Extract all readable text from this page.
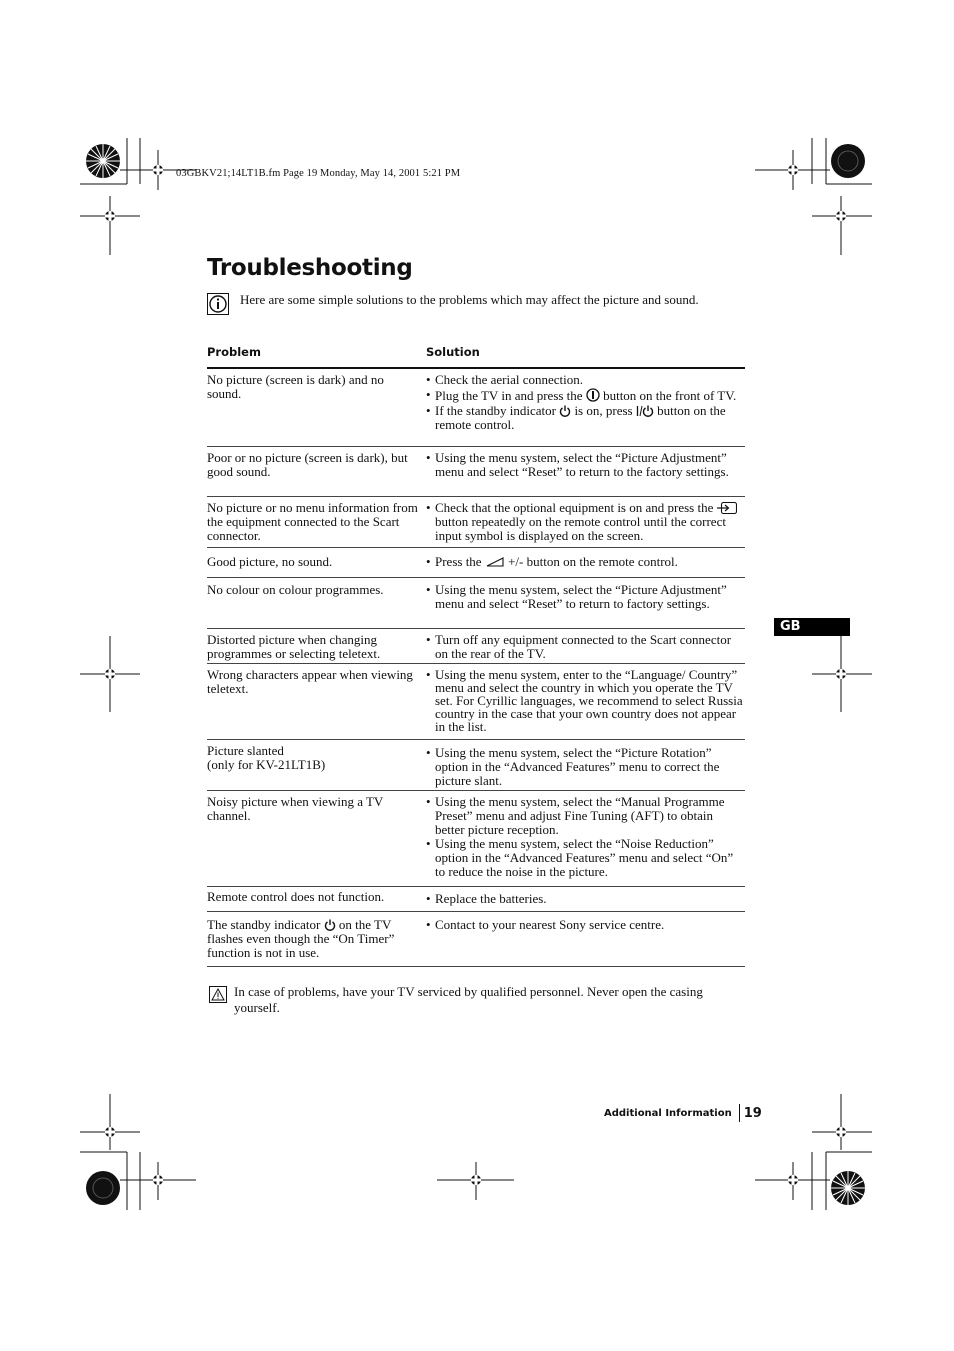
03GBKV21;14LT1B.fm Page 19 Monday, May 14, 2001 5:21 PM
Troubleshooting
Here are some simple solutions to the problems which may affect the picture and sound.
Problem	Solution
No picture (screen is dark) and no sound.
• Check the aerial connection.
• Plug the TV in and press the  button on the front of TV.
• If the standby indicator  is on, press  button on the remote control.
Poor or no picture (screen is dark), but good sound.
• Using the menu system, select the “Picture Adjustment” menu and select “Reset” to return to the factory settings.
No picture or no menu information from the equipment connected to the Scart connector.
• Check that the optional equipment is on and press the  button repeatedly on the remote control until the correct input symbol is displayed on the screen.
Good picture, no sound.	• Press the  +/- button on the remote control.
No colour on colour programmes.	• Using the menu system, select the “Picture Adjustment” menu and select “Reset” to return to factory settings.
Distorted picture when changing programmes or selecting teletext.
• Turn off any equipment connected to the Scart connector on the rear of the TV.
Wrong characters appear when viewing teletext.
• Using the menu system, enter to the “Language/ Country” menu and select the country in which you operate the TV set. For Cyrillic languages, we recommend to select Russia country in the case that your own country does not appear in the list.
Picture slanted
(only for KV-21LT1B)
• Using the menu system, select the “Picture Rotation” option in the “Advanced Features” menu to correct the picture slant.
Noisy picture when viewing a TV channel.
• Using the menu system, select the “Manual Programme Preset” menu and adjust Fine Tuning (AFT) to obtain better picture reception.
• Using the menu system, select the “Noise Reduction” option in the “Advanced Features” menu and select “On” to reduce the noise in the picture.
Remote control does not function.	• Replace the batteries.
The standby indicator  on the TV flashes even though the “On Timer” function is not in use.
• Contact to your nearest Sony service centre.
GB
In case of problems, have your TV serviced by qualified personnel. Never open the casing yourself.
Additional Information 19
